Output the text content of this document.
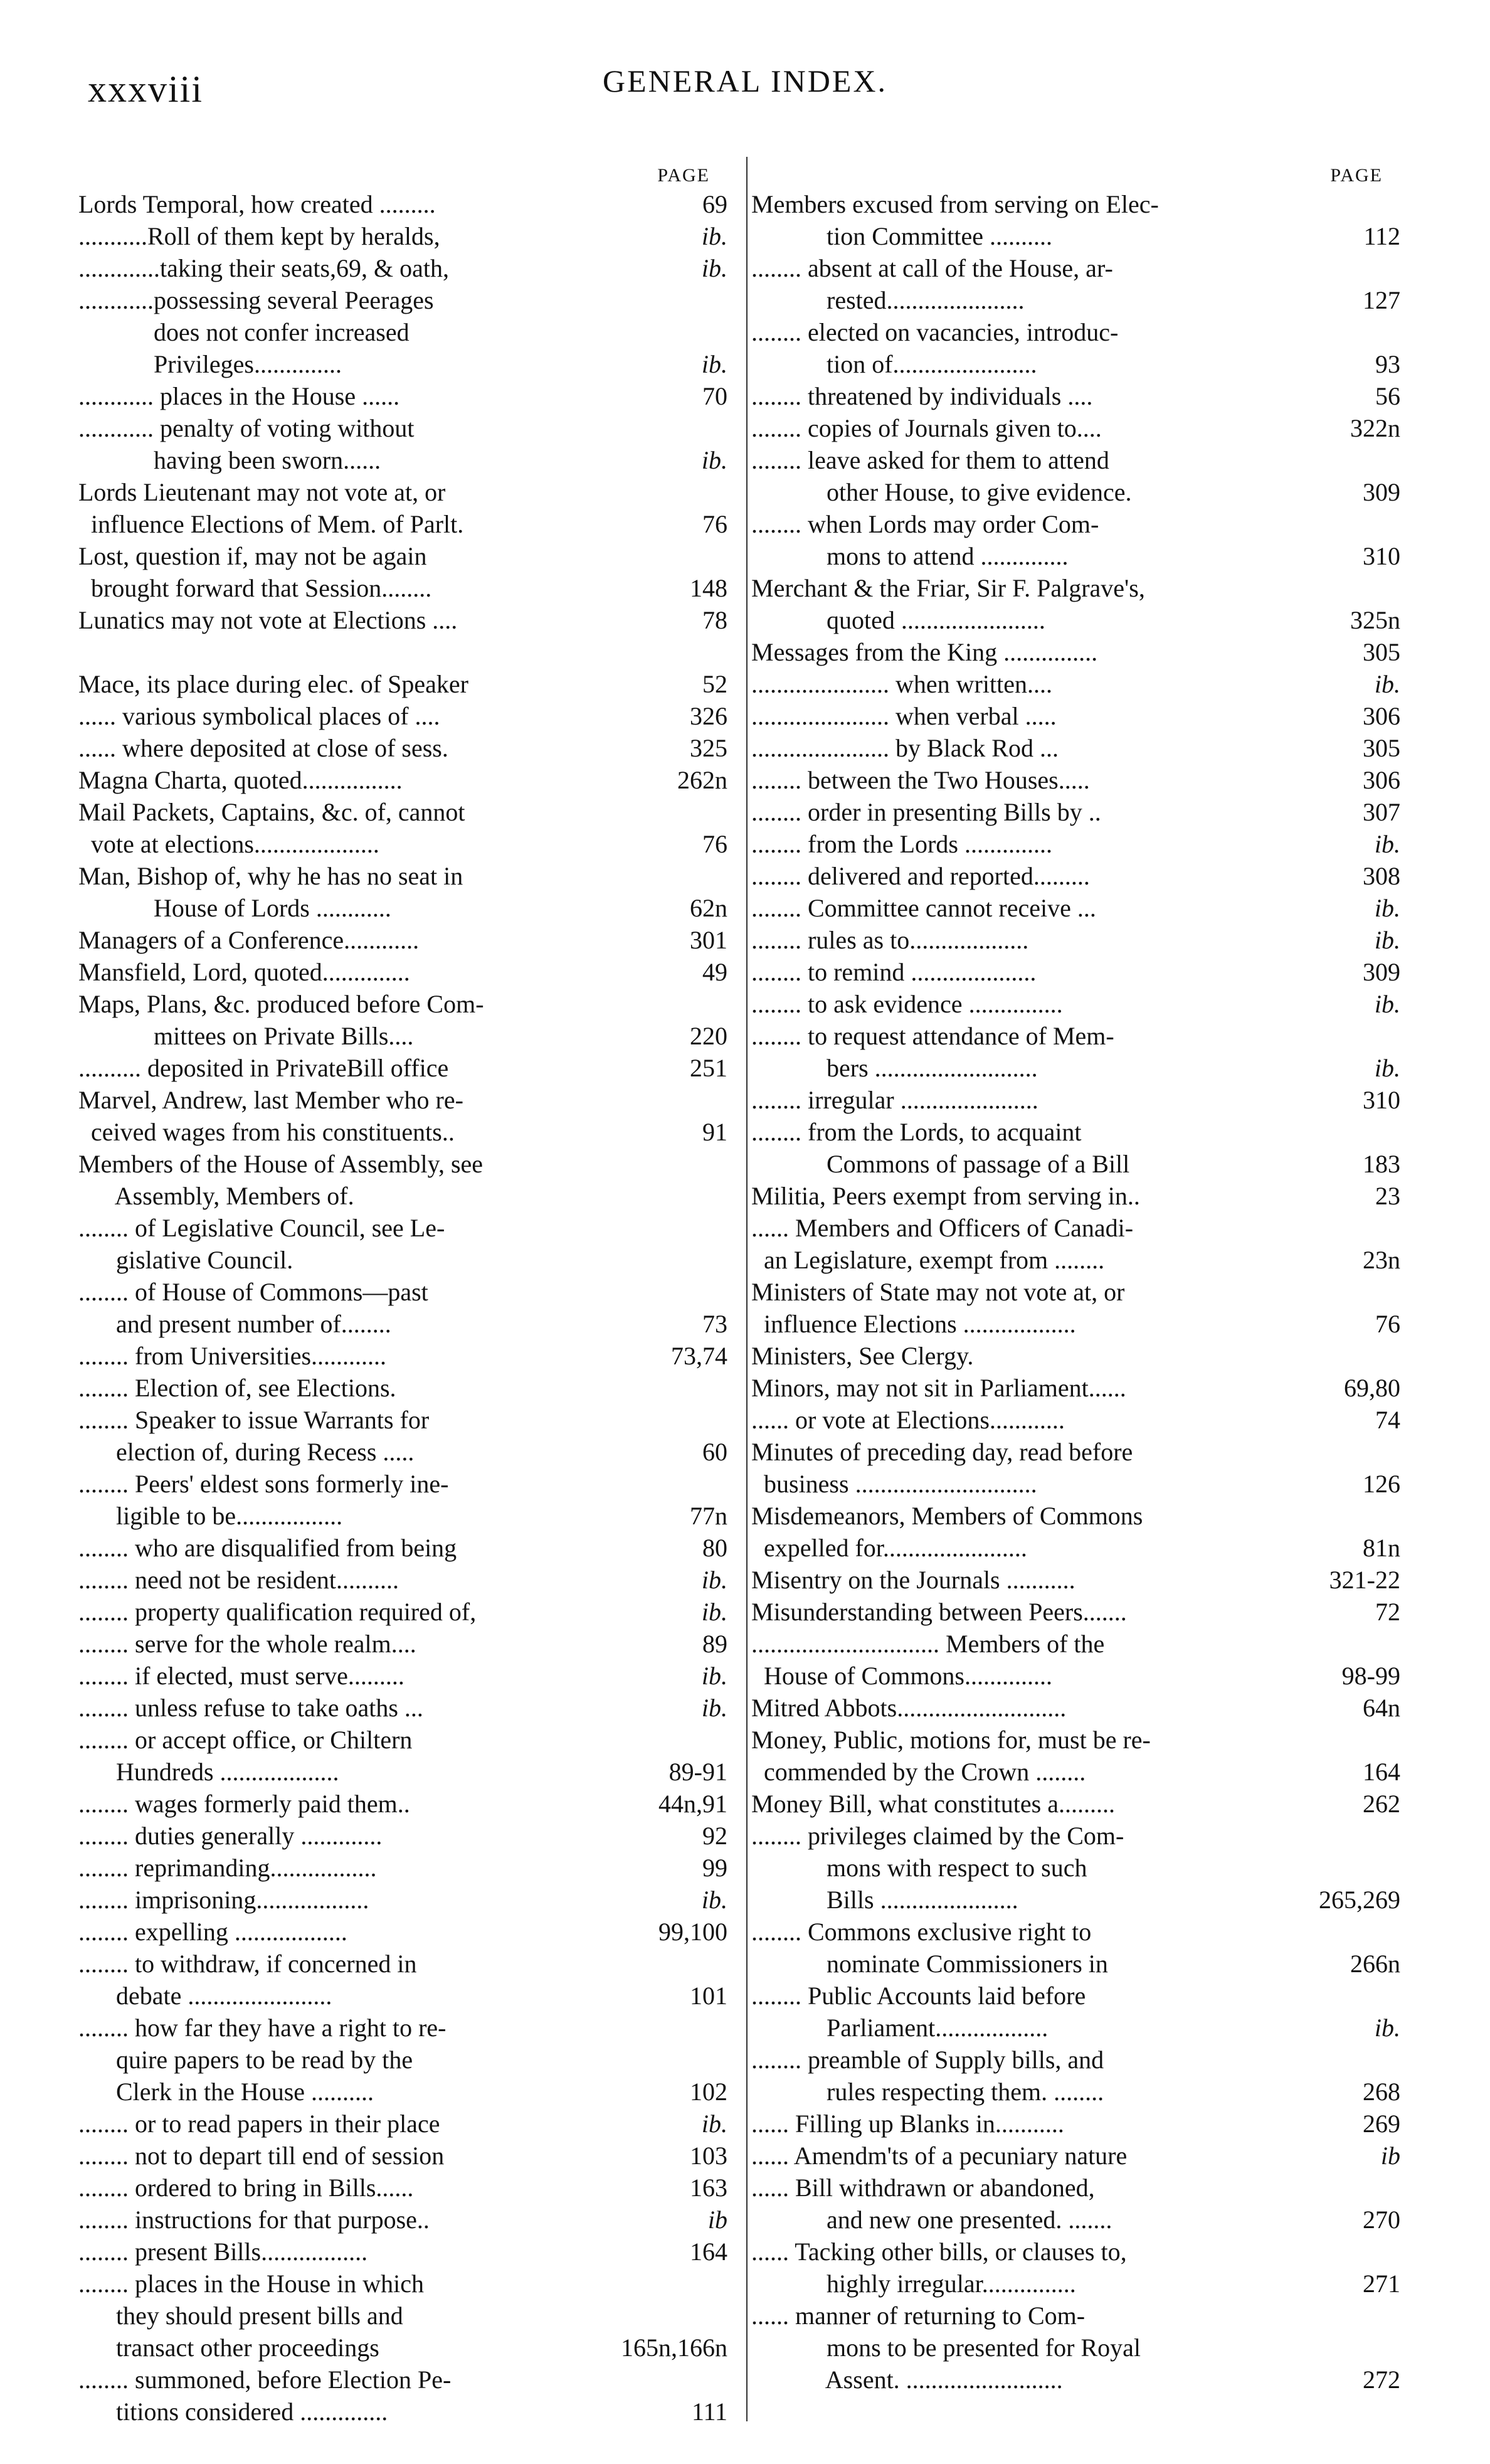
xxxviii	GENERAL INDEX.
PAGE
Lords Temporal, how created .........	69
...........Roll of them kept by heralds,	ib.
.............taking their seats,69, & oath,	ib.
............possessing several Peerages
does not confer increased
Privileges..............	ib.
............ places in the House ......	70
............ penalty of voting without
having been sworn......	ib.
Lords Lieutenant may not vote at, or
influence Elections of Mem. of Parlt.	76
Lost, question if, may not be again
brought forward that Session........	148
Lunatics may not vote at Elections ....	78
Mace, its place during elec. of Speaker	52
...... various symbolical places of ....	326
...... where deposited at close of sess.	325
Magna Charta, quoted................	262n
Mail Packets, Captains, &c. of, cannot
vote at elections....................	76
Man, Bishop of, why he has no seat in
House of Lords ............	62n
Managers of a Conference............	301
Mansfield, Lord, quoted..............	49
Maps, Plans, &c. produced before Com-
mittees on Private Bills....	220
.......... deposited in PrivateBill office	251
Marvel, Andrew, last Member who re-
ceived wages from his constituents..	91
Members of the House of Assembly, see
Assembly, Members of.
........ of Legislative Council, see Le-
gislative Council.
........ of House of Commons—past
and present number of........	73
........ from Universities............	73,74
........ Election of, see Elections.
........ Speaker to issue Warrants for
election of, during Recess .....	60
........ Peers' eldest sons formerly ine-
ligible to be.................	77n
........ who are disqualified from being	80
........ need not be resident..........	ib.
........ property qualification required of,	ib.
........ serve for the whole realm....	89
........ if elected, must serve.........	ib.
........ unless refuse to take oaths ...	ib.
........ or accept office, or Chiltern
Hundreds ...................	89-91
........ wages formerly paid them..	44n,91
........ duties generally .............	92
........ reprimanding.................	99
........ imprisoning..................	ib.
........ expelling ..................	99,100
........ to withdraw, if concerned in
debate .......................	101
........ how far they have a right to re-
quire papers to be read by the
Clerk in the House ..........	102
........ or to read papers in their place	ib.
........ not to depart till end of session	103
........ ordered to bring in Bills......	163
........ instructions for that purpose..	ib
........ present Bills.................	164
........ places in the House in which
they should present bills and
transact other proceedings	165n,166n
........ summoned, before Election Pe-
titions considered ..............	111
PAGE
Members excused from serving on Elec-
tion Committee ..........	112
........ absent at call of the House, ar-
rested......................	127
........ elected on vacancies, introduc-
tion of.......................	93
........ threatened by individuals ....	56
........ copies of Journals given to....	322n
........ leave asked for them to attend
other House, to give evidence.	309
........ when Lords may order Com-
mons to attend ..............	310
Merchant & the Friar, Sir F. Palgrave's,
quoted .......................	325n
Messages from the King ...............	305
...................... when written....	ib.
...................... when verbal .....	306
...................... by Black Rod ...	305
........ between the Two Houses.....	306
........ order in presenting Bills by ..	307
........ from the Lords ..............	ib.
........ delivered and reported.........	308
........ Committee cannot receive ...	ib.
........ rules as to...................	ib.
........ to remind ....................	309
........ to ask evidence ...............	ib.
........ to request attendance of Mem-
bers ..........................	ib.
........ irregular ......................	310
........ from the Lords, to acquaint
Commons of passage of a Bill	183
Militia, Peers exempt from serving in..	23
...... Members and Officers of Canadi-
an Legislature, exempt from ........	23n
Ministers of State may not vote at, or
influence Elections ..................	76
Ministers, See Clergy.
Minors, may not sit in Parliament......	69,80
...... or vote at Elections............	74
Minutes of preceding day, read before
business .............................	126
Misdemeanors, Members of Commons
expelled for.......................	81n
Misentry on the Journals ...........	321-22
Misunderstanding between Peers.......	72
.............................. Members of the
House of Commons..............	98-99
Mitred Abbots...........................	64n
Money, Public, motions for, must be re-
commended by the Crown ........	164
Money Bill, what constitutes a.........	262
........ privileges claimed by the Com-
mons with respect to such
Bills ......................	265,269
........ Commons exclusive right to
nominate Commissioners in	266n
........ Public Accounts laid before
Parliament..................	ib.
........ preamble of Supply bills, and
rules respecting them. ........	268
...... Filling up Blanks in...........	269
...... Amendm'ts of a pecuniary nature	ib
...... Bill withdrawn or abandoned,
and new one presented. .......	270
...... Tacking other bills, or clauses to,
highly irregular...............	271
...... manner of returning to Com-
mons to be presented for Royal
Assent. .........................	272
